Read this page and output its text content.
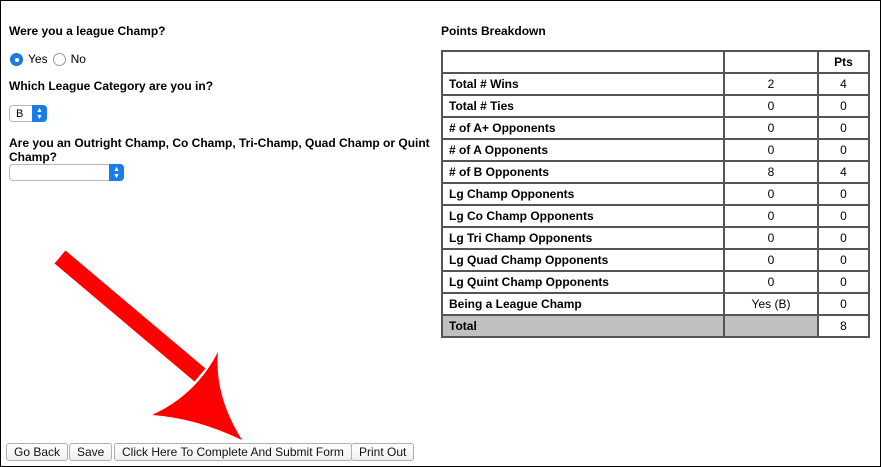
Were you a league Champ?
Yes No
Which League Category are you in?
B ▲
▼
Are you an Outright Champ, Co Champ, Tri-Champ, Quad Champ or Quint
Champ?
▲
▼
Points Breakdown
		Pts
Total # Wins	2	4
Total # Ties	0	0
# of A+ Opponents	0	0
# of A Opponents	0	0
# of B Opponents	8	4
Lg Champ Opponents	0	0
Lg Co Champ Opponents	0	0
Lg Tri Champ Opponents	0	0
Lg Quad Champ Opponents	0	0
Lg Quint Champ Opponents	0	0
Being a League Champ	Yes (B)	0
Total		8
Go Back	Save	Click Here To Complete And Submit Form	Print Out
